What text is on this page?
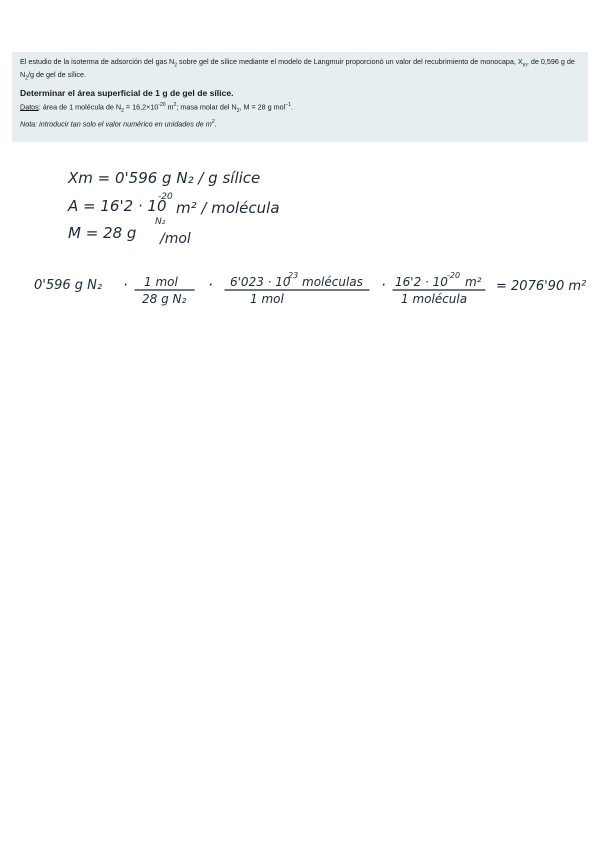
El estudio de la isoterma de adsorción del gas $N_2$ sobre gel de sílice mediante el modelo de Langmuir proporcionó un valor del recubrimiento de monocapa, $X_m$, de 0,596 g de $N_2/g$ de gel de sílice.

Determinar el área superficial de 1 g de gel de sílice.

Datos: área de 1 molécula de $N_2 = 16,2\times 10^{-20}$ $m^2$; masa molar del $N_2$, M = 28 g mol$^{-1}$.

Nota: introducir tan solo el valor numérico en unidades de $m^2$.

Xm = 0'596 g N₂ / g sílice
A = 16'2 · 10
-20
m² / molécula
M = 28 g
N₂
/mol
0'596 g N₂ · 1 mol
28 g N₂
· 6'023 · 10
23 moléculas
1 mol
· 16'2 · 10 -20 m²
1 molécula
= 2076'90 m²
